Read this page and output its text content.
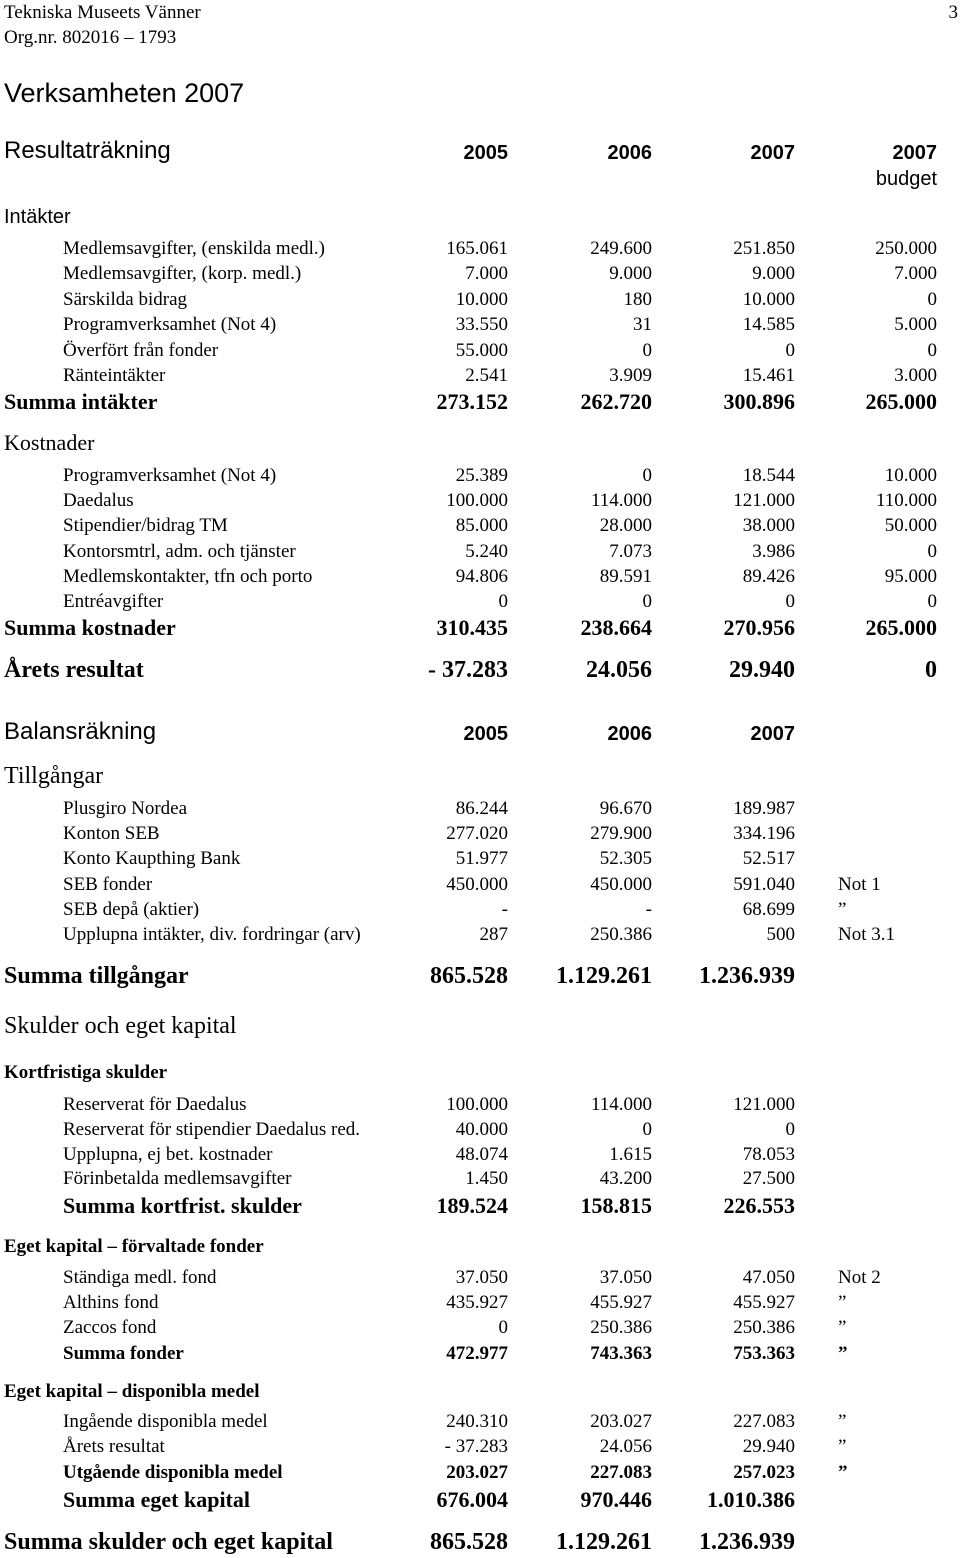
Tekniska Museets Vänner
Org.nr. 802016 – 1793
3
Verksamheten 2007
Resultaträkning	2005	2006	2007	2007
budget
Intäkter
Medlemsavgifter, (enskilda medl.)	165.061	249.600	251.850	250.000
Medlemsavgifter, (korp. medl.)	7.000	9.000	9.000	7.000
Särskilda bidrag	10.000	180	10.000	0
Programverksamhet (Not 4)	33.550	31	14.585	5.000
Överfört från fonder	55.000	0	0	0
Ränteintäkter	2.541	3.909	15.461	3.000
Summa intäkter	273.152	262.720	300.896	265.000
Kostnader
Programverksamhet (Not 4)	25.389	0	18.544	10.000
Daedalus	100.000	114.000	121.000	110.000
Stipendier/bidrag TM	85.000	28.000	38.000	50.000
Kontorsmtrl, adm. och tjänster	5.240	7.073	3.986	0
Medlemskontakter, tfn och porto	94.806	89.591	89.426	95.000
Entréavgifter	0	0	0	0
Summa kostnader	310.435	238.664	270.956	265.000
Årets resultat	- 37.283	24.056	29.940	0
Balansräkning	2005	2006	2007
Tillgångar
Plusgiro Nordea	86.244	96.670	189.987
Konton SEB	277.020	279.900	334.196
Konto Kaupthing Bank	51.977	52.305	52.517
SEB fonder	450.000	450.000	591.040 Not 1
SEB depå (aktier)	-	-	68.699 ”
Upplupna intäkter, div. fordringar (arv)	287	250.386	500 Not 3.1
Summa tillgångar	865.528 1.129.261 1.236.939
Skulder och eget kapital
Kortfristiga skulder
Reserverat för Daedalus	100.000	114.000	121.000
Reserverat för stipendier Daedalus red.	40.000	0	0
Upplupna, ej bet. kostnader	48.074	1.615	78.053
Förinbetalda medlemsavgifter	1.450	43.200	27.500
Summa kortfrist. skulder	189.524	158.815	226.553
Eget kapital – förvaltade fonder
Ständiga medl. fond	37.050	37.050	47.050 Not 2
Althins fond	435.927	455.927	455.927 ”
Zaccos fond	0	250.386	250.386 ”
Summa fonder	472.977	743.363	753.363 ”
Eget kapital – disponibla medel
Ingående disponibla medel	240.310	203.027	227.083 ”
Årets resultat	- 37.283	24.056	29.940 ”
Utgående disponibla medel	203.027	227.083	257.023 ”
Summa eget kapital	676.004	970.446	1.010.386
Summa skulder och eget kapital	865.528 1.129.261 1.236.939
